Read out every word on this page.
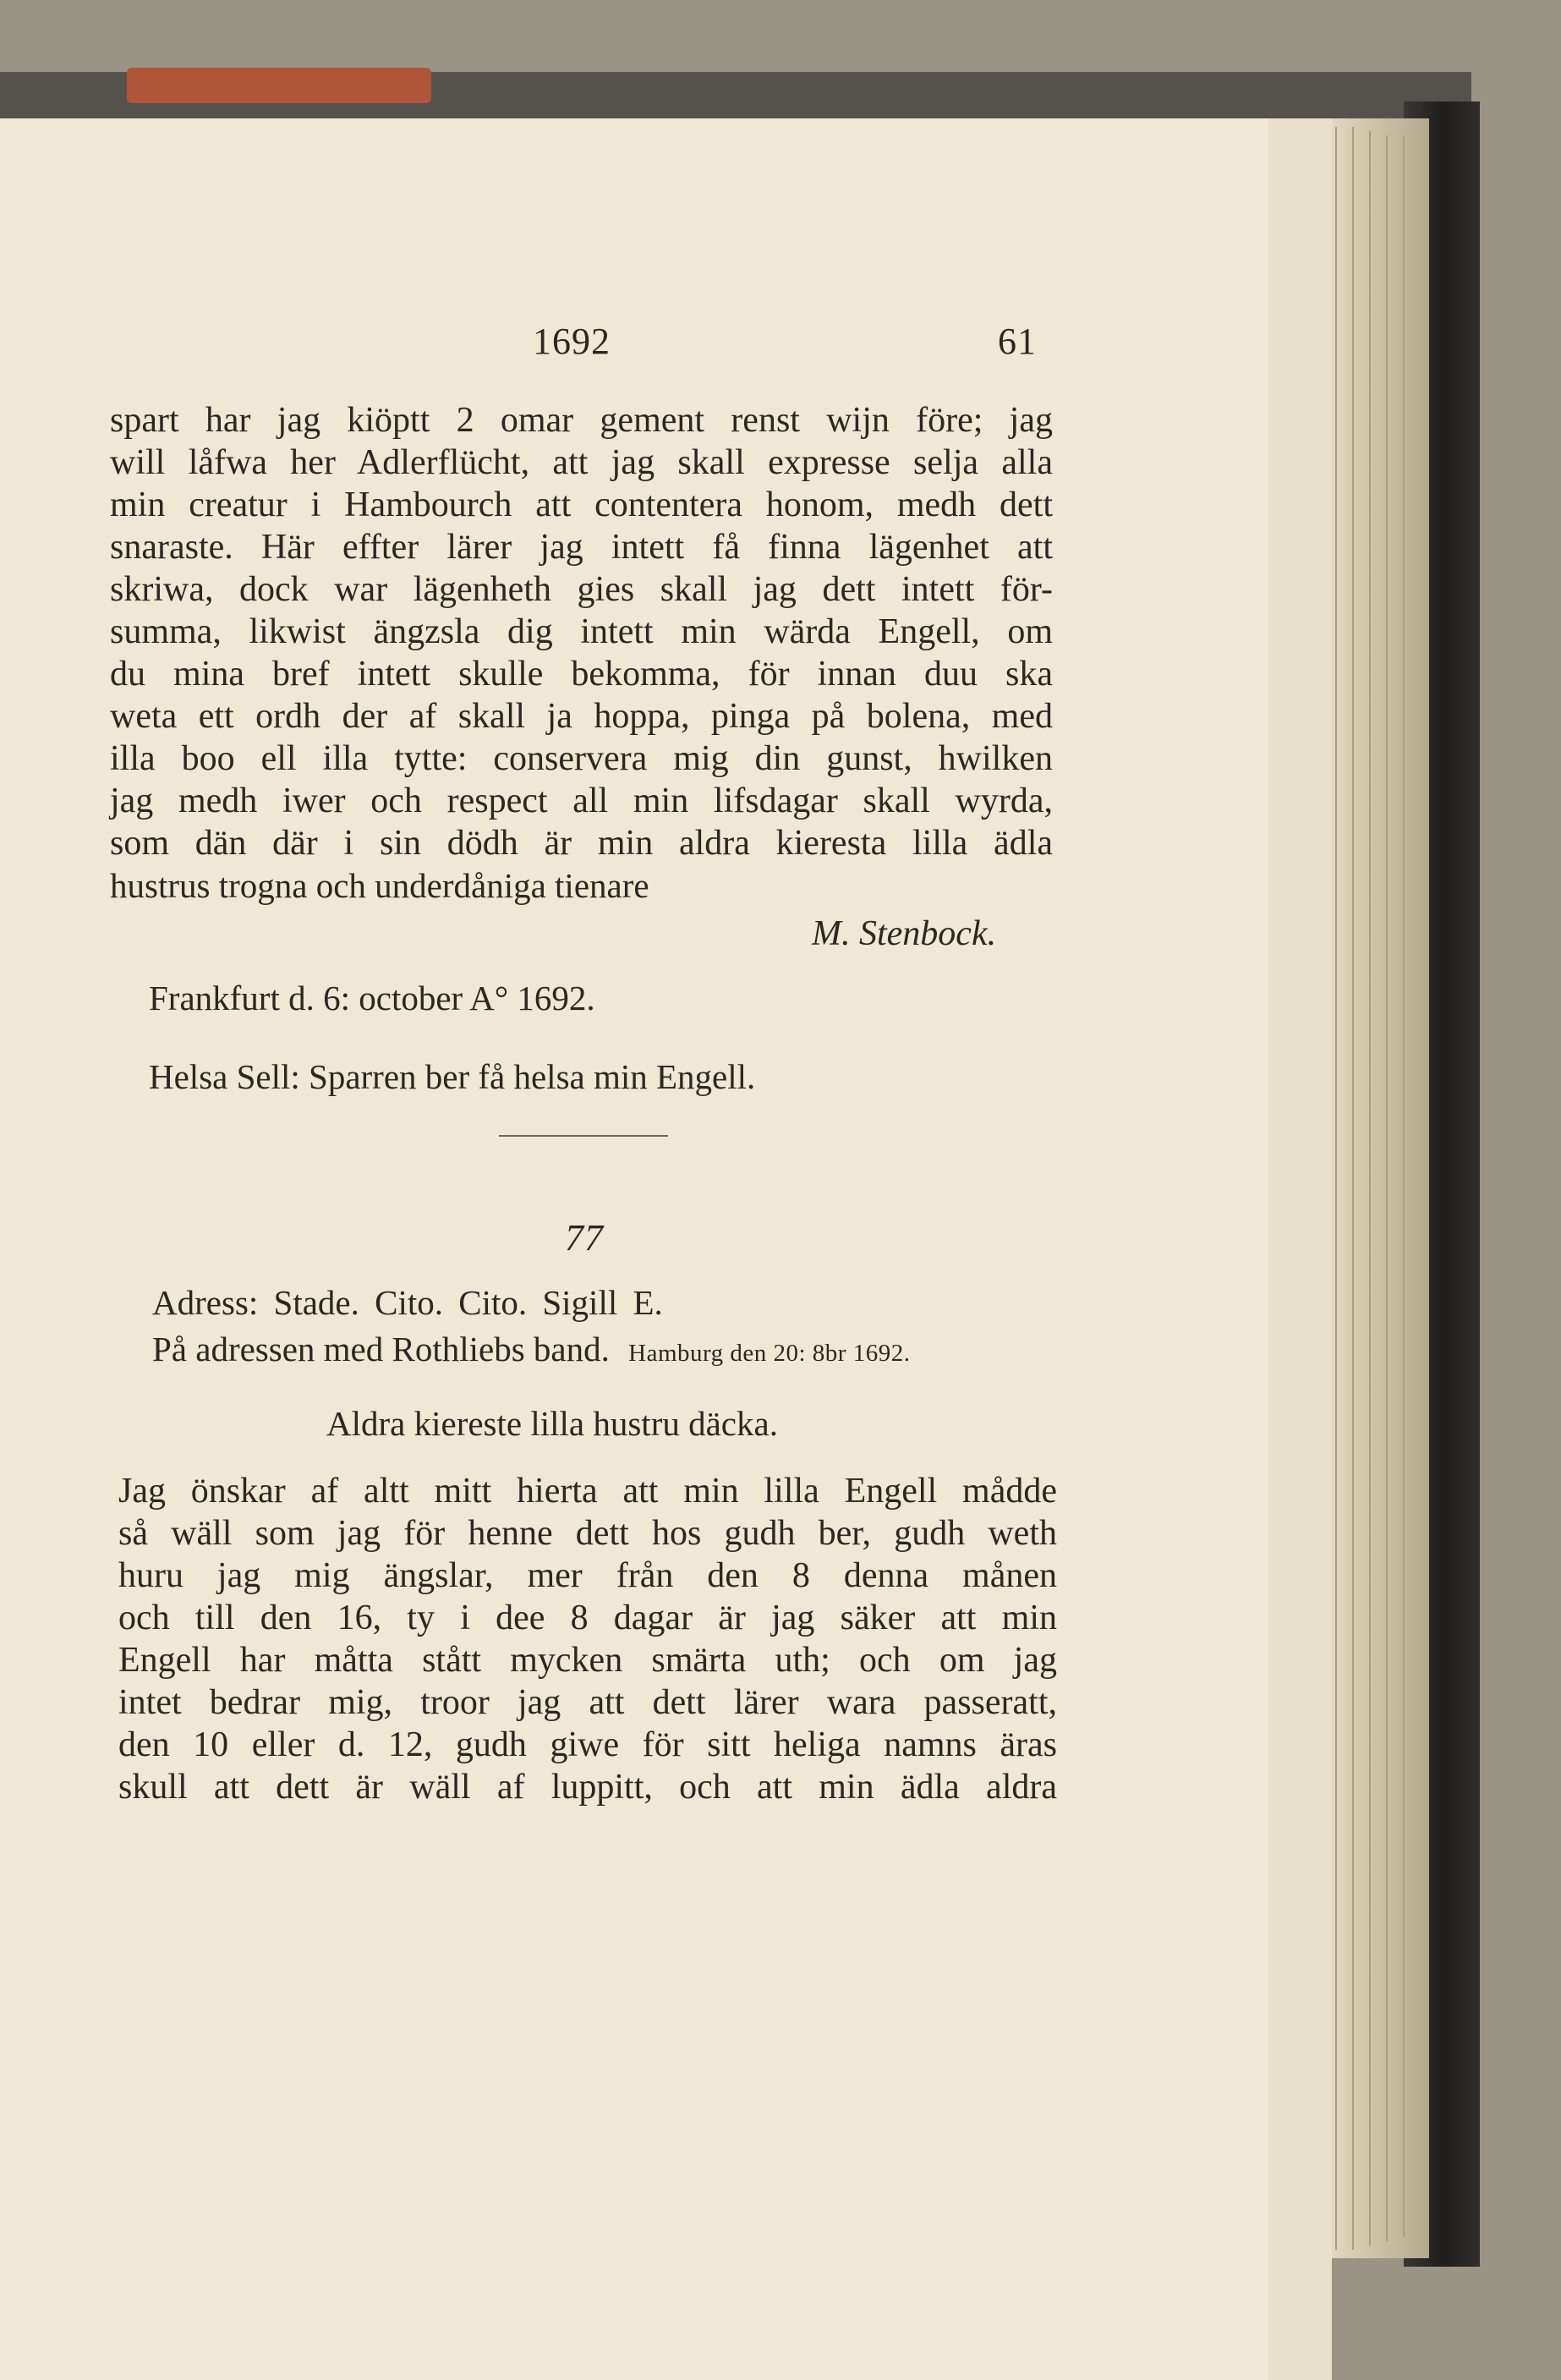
1692	61
spart har jag kiöptt 2 omar gement renst wijn före; jag
will låfwa her Adlerflücht, att jag skall expresse selja alla
min creatur i Hambourch att contentera honom, medh dett
snaraste. Här effter lärer jag intett få finna lägenhet att
skriwa, dock war lägenheth gies skall jag dett intett för-
summa, likwist ängzsla dig intett min wärda Engell, om
du mina bref intett skulle bekomma, för innan duu ska
weta ett ordh der af skall ja hoppa, pinga på bolena, med
illa boo ell illa tytte: conservera mig din gunst, hwilken
jag medh iwer och respect all min lifsdagar skall wyrda,
som dän där i sin dödh är min aldra kieresta lilla ädla
hustrus trogna och underdåniga tienare
M. Stenbock.
Frankfurt d. 6: october A° 1692.
Helsa Sell: Sparren ber få helsa min Engell.
77
Adress: Stade. Cito. Cito. Sigill E.
På adressen med Rothliebs band. Hamburg den 20: 8br 1692.
Aldra kiereste lilla hustru däcka.
Jag önskar af altt mitt hierta att min lilla Engell mådde
så wäll som jag för henne dett hos gudh ber, gudh weth
huru jag mig ängslar, mer från den 8 denna månen
och till den 16, ty i dee 8 dagar är jag säker att min
Engell har måtta stått mycken smärta uth; och om jag
intet bedrar mig, troor jag att dett lärer wara passeratt,
den 10 eller d. 12, gudh giwe för sitt heliga namns äras
skull att dett är wäll af luppitt, och att min ädla aldra
